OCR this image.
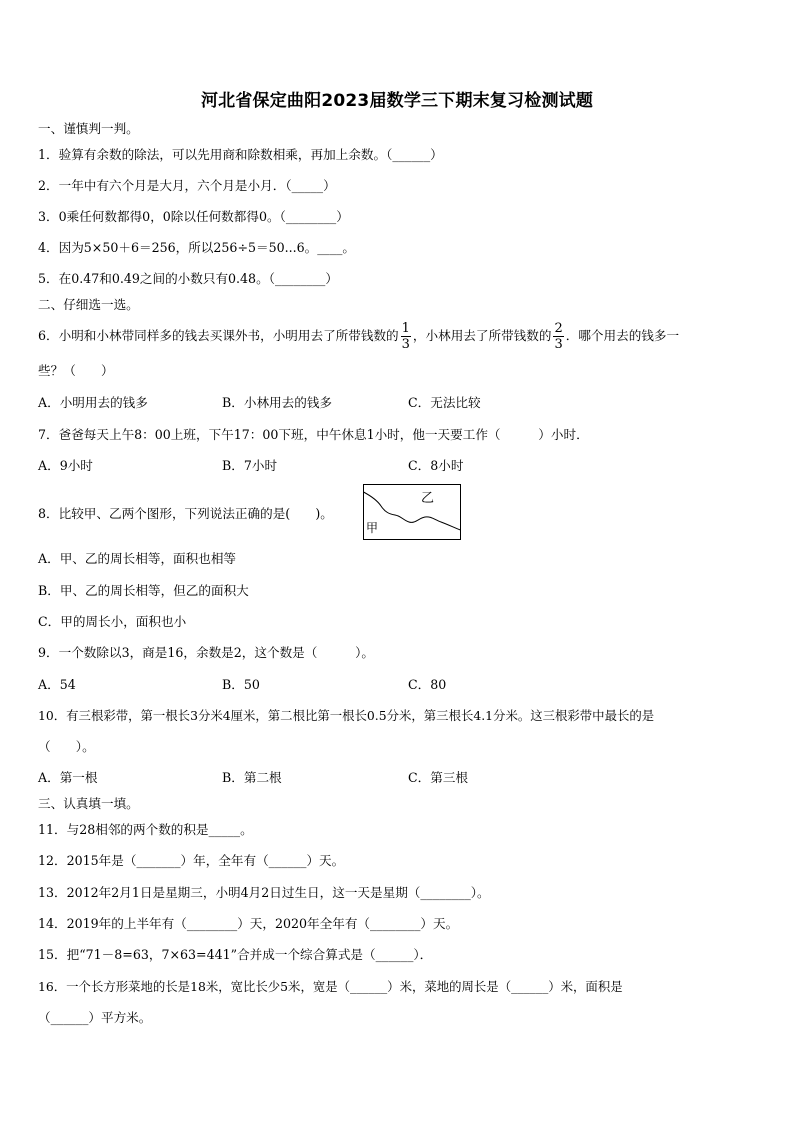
河北省保定曲阳2023届数学三下期末复习检测试题
一、谨慎判一判。
1．验算有余数的除法，可以先用商和除数相乘，再加上余数。（______）
2．一年中有六个月是大月，六个月是小月．（_____）
3．0乘任何数都得0，0除以任何数都得0。（________）
4．因为5×50＋6＝256，所以256÷5＝50...6。____。
5．在0.47和0.49之间的小数只有0.48。（________）
二、仔细选一选。
6．小明和小林带同样多的钱去买课外书，小明用去了所带钱数的 $\frac{1}{3}$ ，小林用去了所带钱数的 $\frac{2}{3}$ ．哪个用去的钱多一
些？（　　）
A．小明用去的钱多	B．小林用去的钱多	C．无法比较
7．爸爸每天上午8：00上班，下午17：00下班，中午休息1小时，他一天要工作（　　　）小时．
A．9小时	B．7小时	C．8小时
8．比较甲、乙两个图形，下列说法正确的是(　　)。
乙
甲
A．甲、乙的周长相等，面积也相等
B．甲、乙的周长相等，但乙的面积大
C．甲的周长小，面积也小
9．一个数除以3，商是16，余数是2，这个数是（　　　）。
A．54	B．50	C．80
10．有三根彩带，第一根长3分米4厘米，第二根比第一根长0.5分米，第三根长4.1分米。这三根彩带中最长的是
（　　）。
A．第一根	B．第二根	C．第三根
三、认真填一填。
11．与28相邻的两个数的积是_____。
12．2015年是（_______）年，全年有（______）天。
13．2012年2月1日是星期三，小明4月2日过生日，这一天是星期（________）。
14．2019年的上半年有（________）天，2020年全年有（________）天。
15．把“71－8=63，7×63=441”合并成一个综合算式是（______）．
16．一个长方形菜地的长是18米，宽比长少5米，宽是（______）米，菜地的周长是（______）米，面积是
（______）平方米。
